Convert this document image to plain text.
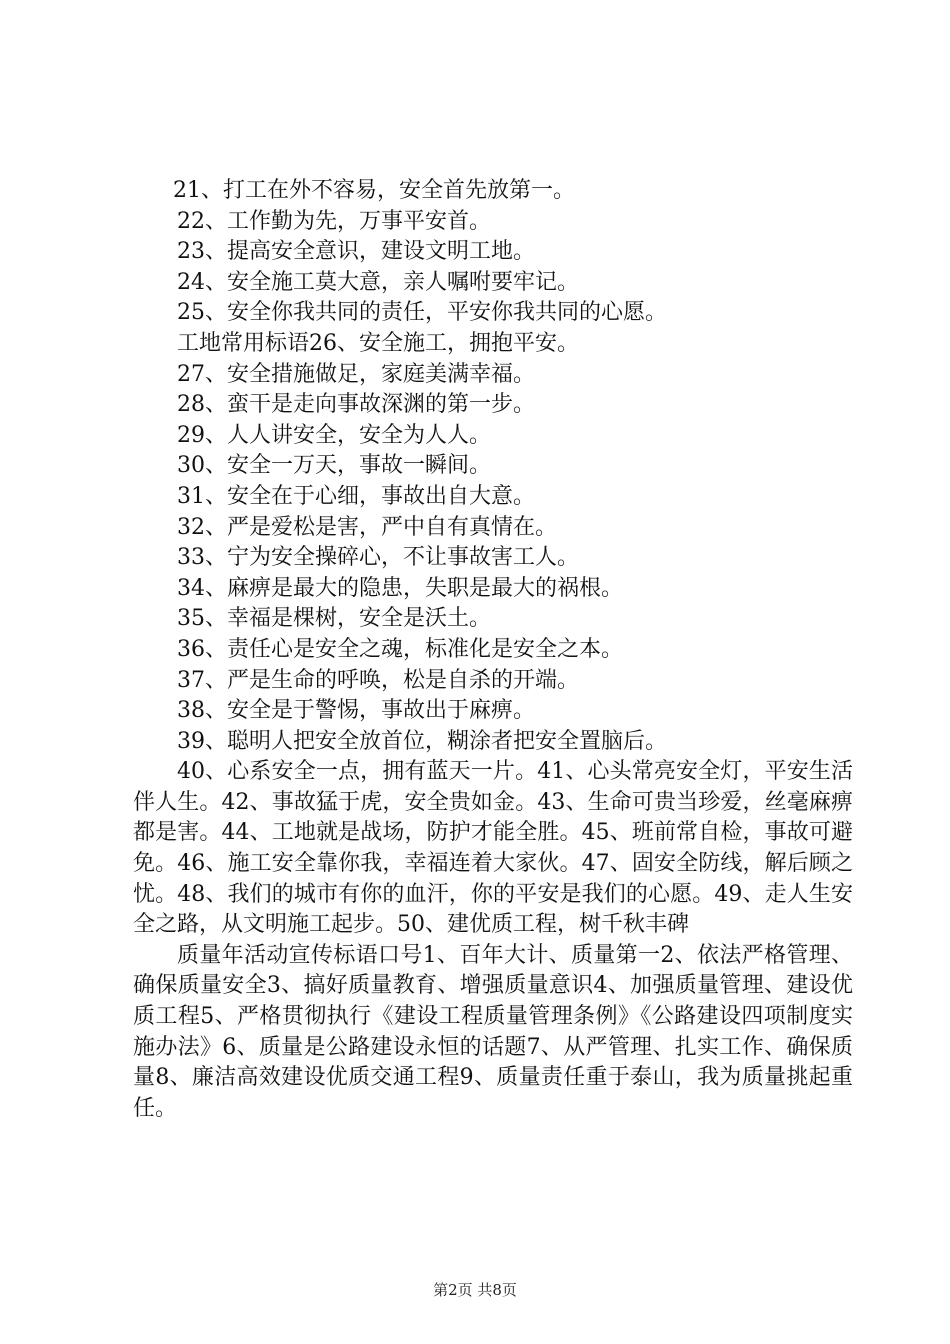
21、打工在外不容易，安全首先放第一。
22、工作勤为先，万事平安首。
23、提高安全意识，建设文明工地。
24、安全施工莫大意，亲人嘱咐要牢记。
25、安全你我共同的责任，平安你我共同的心愿。
工地常用标语26、安全施工，拥抱平安。
27、安全措施做足，家庭美满幸福。
28、蛮干是走向事故深渊的第一步。
29、人人讲安全，安全为人人。
30、安全一万天，事故一瞬间。
31、安全在于心细，事故出自大意。
32、严是爱松是害，严中自有真情在。
33、宁为安全操碎心，不让事故害工人。
34、麻痹是最大的隐患，失职是最大的祸根。
35、幸福是棵树，安全是沃土。
36、责任心是安全之魂，标准化是安全之本。
37、严是生命的呼唤，松是自杀的开端。
38、安全是于警惕，事故出于麻痹。
39、聪明人把安全放首位，糊涂者把安全置脑后。

40、心系安全一点，拥有蓝天一片。41、心头常亮安全灯，平安生活伴人生。42、事故猛于虎，安全贵如金。43、生命可贵当珍爱，丝毫麻痹都是害。44、工地就是战场，防护才能全胜。45、班前常自检，事故可避免。46、施工安全靠你我，幸福连着大家伙。47、固安全防线，解后顾之忧。48、我们的城市有你的血汗，你的平安是我们的心愿。49、走人生安全之路，从文明施工起步。50、建优质工程，树千秋丰碑

质量年活动宣传标语口号1、百年大计、质量第一2、依法严格管理、确保质量安全3、搞好质量教育、增强质量意识4、加强质量管理、建设优质工程5、严格贯彻执行《建设工程质量管理条例》《公路建设四项制度实施办法》6、质量是公路建设永恒的话题7、从严管理、扎实工作、确保质量8、廉洁高效建设优质交通工程9、质量责任重于泰山，我为质量挑起重任。

第2页 共8页
